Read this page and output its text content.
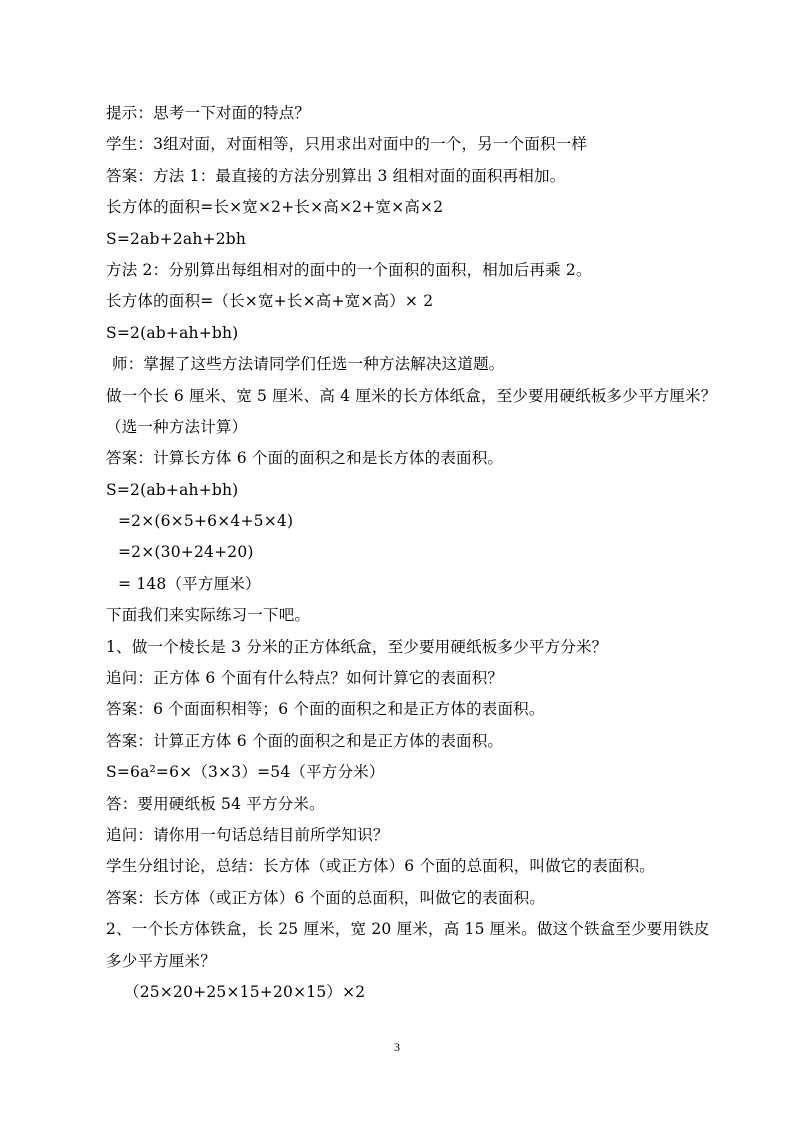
提示：思考一下对面的特点？
学生：3组对面，对面相等，只用求出对面中的一个，另一个面积一样
答案：方法 1：最直接的方法分别算出 3 组相对面的面积再相加。
长方体的面积=长×宽×2+长×高×2+宽×高×2
S=2ab+2ah+2bh
方法 2：分别算出每组相对的面中的一个面积的面积，相加后再乘 2。
长方体的面积=（长×宽+长×高+宽×高）× 2
S=2(ab+ah+bh)
师：掌握了这些方法请同学们任选一种方法解决这道题。
做一个长 6 厘米、宽 5 厘米、高 4 厘米的长方体纸盒，至少要用硬纸板多少平方厘米？
（选一种方法计算）
答案：计算长方体 6 个面的面积之和是长方体的表面积。
S=2(ab+ah+bh)
=2×(6×5+6×4+5×4)
=2×(30+24+20)
= 148（平方厘米）
下面我们来实际练习一下吧。
1、做一个棱长是 3 分米的正方体纸盒，至少要用硬纸板多少平方分米？
追问：正方体 6 个面有什么特点？如何计算它的表面积？
答案：6 个面面积相等；6 个面的面积之和是正方体的表面积。
答案：计算正方体 6 个面的面积之和是正方体的表面积。
S=6a²=6×（3×3）=54（平方分米）
答：要用硬纸板 54 平方分米。
追问：请你用一句话总结目前所学知识？
学生分组讨论，总结：长方体（或正方体）6 个面的总面积，叫做它的表面积。
答案：长方体（或正方体）6 个面的总面积，叫做它的表面积。
2、一个长方体铁盒，长 25 厘米，宽 20 厘米，高 15 厘米。做这个铁盒至少要用铁皮
多少平方厘米？
（25×20+25×15+20×15）×2
3
